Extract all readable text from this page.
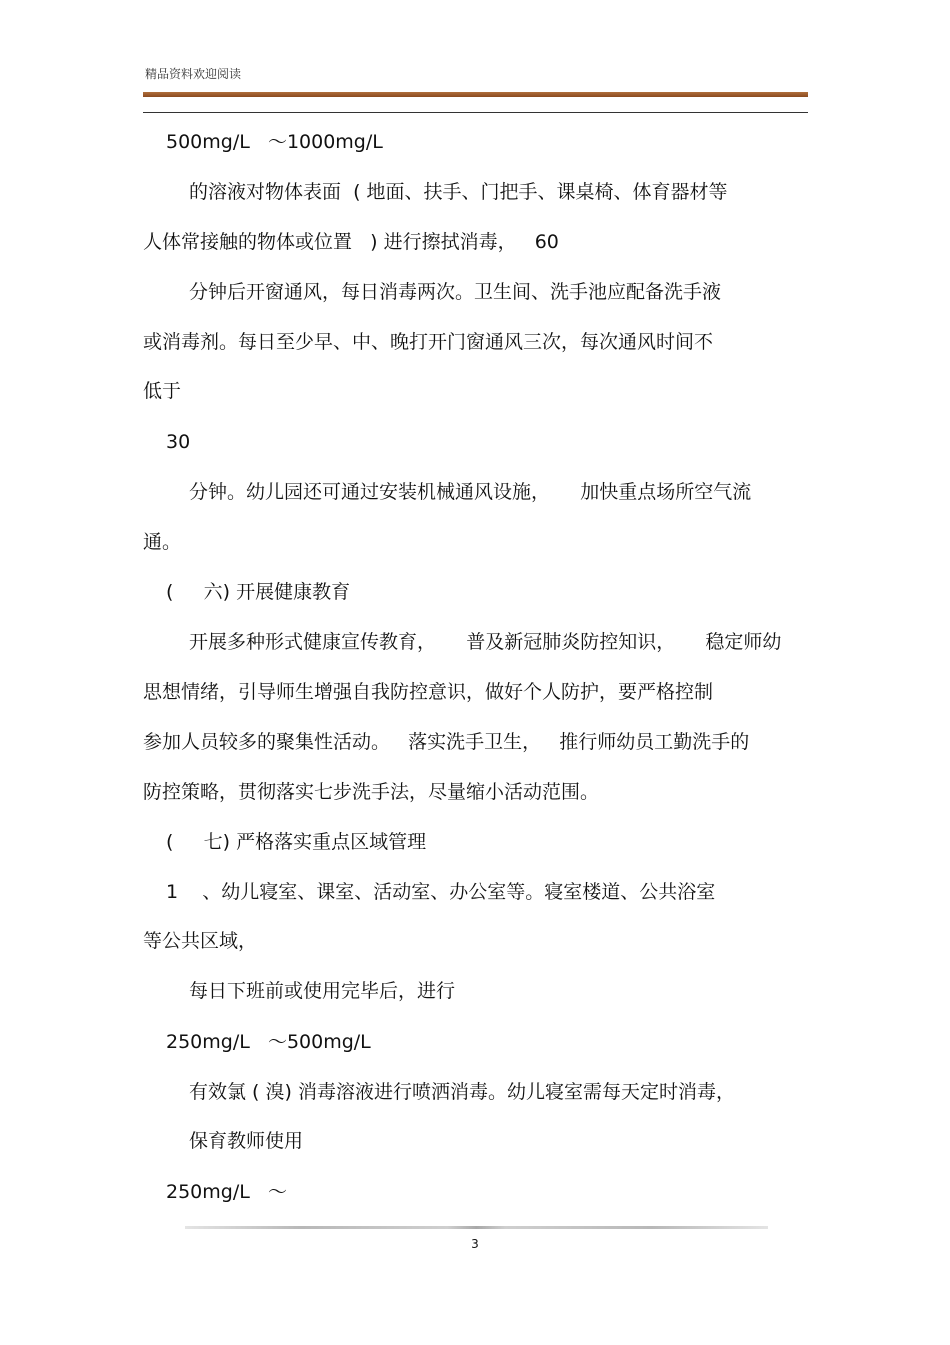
精品资料欢迎阅读
500mg/L   ～1000mg/L
的溶液对物体表面  ( 地面、扶手、门把手、课桌椅、体育器材等
人体常接触的物体或位置   ) 进行擦拭消毒，   60
分钟后开窗通风，每日消毒两次。卫生间、洗手池应配备洗手液
或消毒剂。每日至少早、中、晚打开门窗通风三次，每次通风时间不
低于
30
分钟。幼儿园还可通过安装机械通风设施，     加快重点场所空气流
通。
(     六) 开展健康教育
开展多种形式健康宣传教育，     普及新冠肺炎防控知识，     稳定师幼
思想情绪，引导师生增强自我防控意识，做好个人防护，要严格控制
参加人员较多的聚集性活动。   落实洗手卫生，   推行师幼员工勤洗手的
防控策略，贯彻落实七步洗手法，尽量缩小活动范围。
(     七) 严格落实重点区域管理
1    、幼儿寝室、课室、活动室、办公室等。寝室楼道、公共浴室
等公共区域，
每日下班前或使用完毕后，进行
250mg/L   ～500mg/L
有效氯 ( 溴) 消毒溶液进行喷洒消毒。幼儿寝室需每天定时消毒，
保育教师使用
250mg/L   ～
3
